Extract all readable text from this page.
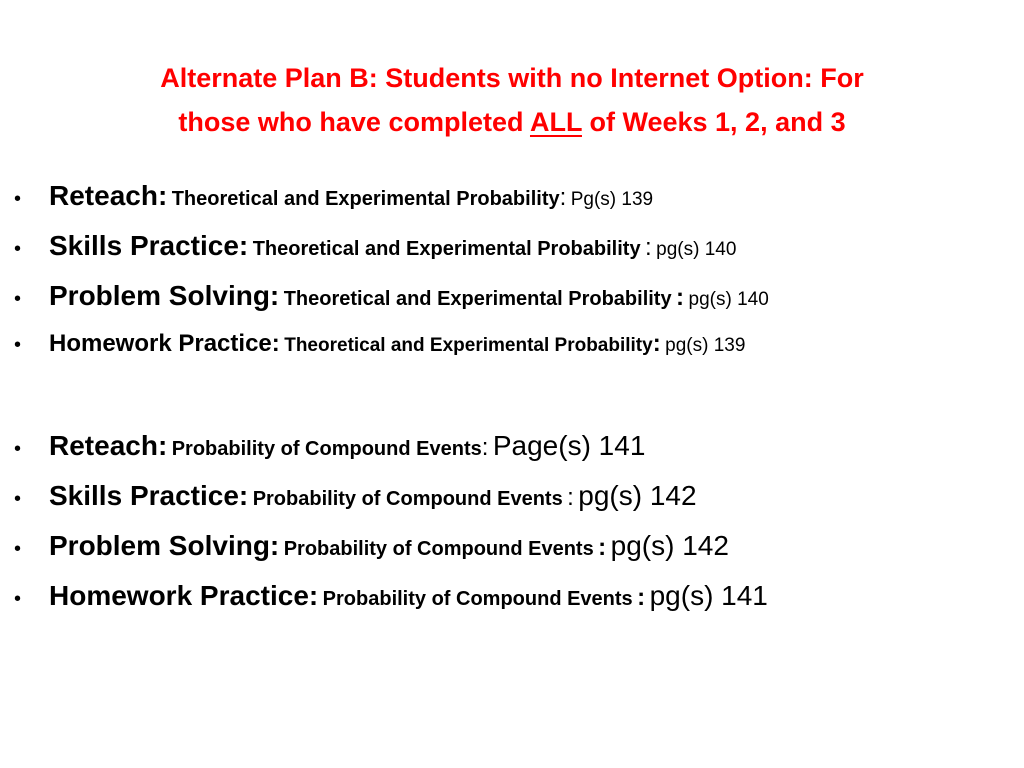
Alternate Plan B: Students with no Internet Option: For
those who have completed ALL of Weeks 1, 2, and 3
• Reteach:
Theoretical and Experimental Probability :
Pg(s) 139
• Skills Practice:
Theoretical and Experimental Probability
:
pg(s) 140
• Problem Solving:
Theoretical and Experimental Probability
:
pg(s) 140
•	Homework Practice:
Theoretical and Experimental Probability :
pg(s) 139
• Reteach:
Probability of Compound Events :
Page(s) 141
• Skills Practice:
Probability of Compound Events
:
pg(s) 142
• Problem Solving:
Probability of Compound Events
:
pg(s) 142
• Homework Practice:
Probability of Compound Events
:
pg(s) 141
